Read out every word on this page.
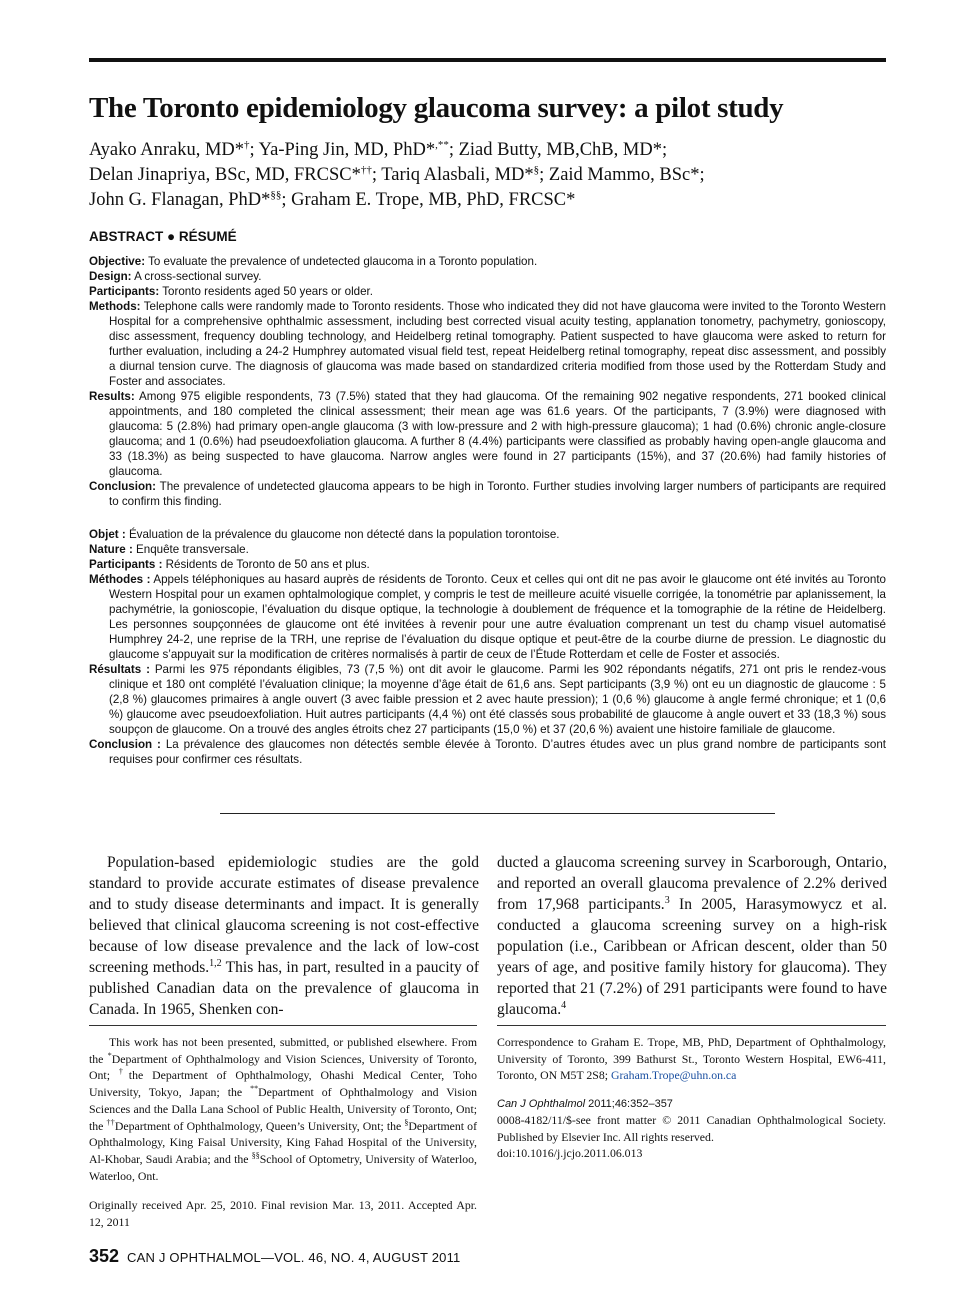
The Toronto epidemiology glaucoma survey: a pilot study
Ayako Anraku, MD*†; Ya-Ping Jin, MD, PhD*,**; Ziad Butty, MB,ChB, MD*;
Delan Jinapriya, BSc, MD, FRCSC*††; Tariq Alasbali, MD*§; Zaid Mammo, BSc*;
John G. Flanagan, PhD*§§; Graham E. Trope, MB, PhD, FRCSC*
ABSTRACT ● RÉSUMÉ

Objective: To evaluate the prevalence of undetected glaucoma in a Toronto population.

Design: A cross-sectional survey.

Participants: Toronto residents aged 50 years or older.

Methods: Telephone calls were randomly made to Toronto residents. Those who indicated they did not have glaucoma were invited to the Toronto Western Hospital for a comprehensive ophthalmic assessment, including best corrected visual acuity testing, applanation tonometry, pachymetry, gonioscopy, disc assessment, frequency doubling technology, and Heidelberg retinal tomography. Patient suspected to have glaucoma were asked to return for further evaluation, including a 24-2 Humphrey automated visual field test, repeat Heidelberg retinal tomography, repeat disc assessment, and possibly a diurnal tension curve. The diagnosis of glaucoma was made based on standardized criteria modified from those used by the Rotterdam Study and Foster and associates.

Results: Among 975 eligible respondents, 73 (7.5%) stated that they had glaucoma. Of the remaining 902 negative respondents, 271 booked clinical appointments, and 180 completed the clinical assessment; their mean age was 61.6 years. Of the participants, 7 (3.9%) were diagnosed with glaucoma: 5 (2.8%) had primary open-angle glaucoma (3 with low-pressure and 2 with high-pressure glaucoma); 1 had (0.6%) chronic angle-closure glaucoma; and 1 (0.6%) had pseudoexfoliation glaucoma. A further 8 (4.4%) participants were classified as probably having open-angle glaucoma and 33 (18.3%) as being suspected to have glaucoma. Narrow angles were found in 27 participants (15%), and 37 (20.6%) had family histories of glaucoma.

Conclusion: The prevalence of undetected glaucoma appears to be high in Toronto. Further studies involving larger numbers of participants are required to confirm this finding.

Objet : Évaluation de la prévalence du glaucome non détecté dans la population torontoise.

Nature : Enquête transversale.

Participants : Résidents de Toronto de 50 ans et plus.

Méthodes : Appels téléphoniques au hasard auprès de résidents de Toronto. Ceux et celles qui ont dit ne pas avoir le glaucome ont été invités au Toronto Western Hospital pour un examen ophtalmologique complet, y compris le test de meilleure acuité visuelle corrigée, la tonométrie par aplanissement, la pachymétrie, la gonioscopie, l’évaluation du disque optique, la technologie à doublement de fréquence et la tomographie de la rétine de Heidelberg. Les personnes soupçonnées de glaucome ont été invitées à revenir pour une autre évaluation comprenant un test du champ visuel automatisé Humphrey 24-2, une reprise de la TRH, une reprise de l’évaluation du disque optique et peut-être de la courbe diurne de pression. Le diagnostic du glaucome s’appuyait sur la modification de critères normalisés à partir de ceux de l’Étude Rotterdam et celle de Foster et associés.

Résultats : Parmi les 975 répondants éligibles, 73 (7,5 %) ont dit avoir le glaucome. Parmi les 902 répondants négatifs, 271 ont pris le rendez-vous clinique et 180 ont complété l’évaluation clinique; la moyenne d’âge était de 61,6 ans. Sept participants (3,9 %) ont eu un diagnostic de glaucome : 5 (2,8 %) glaucomes primaires à angle ouvert (3 avec faible pression et 2 avec haute pression); 1 (0,6 %) glaucome à angle fermé chronique; et 1 (0,6 %) glaucome avec pseudoexfoliation. Huit autres participants (4,4 %) ont été classés sous probabilité de glaucome à angle ouvert et 33 (18,3 %) sous soupçon de glaucome. On a trouvé des angles étroits chez 27 participants (15,0 %) et 37 (20,6 %) avaient une histoire familiale de glaucome.

Conclusion : La prévalence des glaucomes non détectés semble élevée à Toronto. D’autres études avec un plus grand nombre de participants sont requises pour confirmer ces résultats.

Population-based epidemiologic studies are the gold standard to provide accurate estimates of disease prevalence and to study disease determinants and impact. It is generally believed that clinical glaucoma screening is not cost-effective because of low disease prevalence and the lack of low-cost screening methods.$^{1,2}$ This has, in part, resulted in a paucity of published Canadian data on the prevalence of glaucoma in Canada. In 1965, Shenken con-

ducted a glaucoma screening survey in Scarborough, Ontario, and reported an overall glaucoma prevalence of 2.2% derived from 17,968 participants.$^3$ In 2005, Harasymowycz et al. conducted a glaucoma screening survey on a high-risk population (i.e., Caribbean or African descent, older than 50 years of age, and positive family history for glaucoma). They reported that 21 (7.2%) of 291 participants were found to have glaucoma.$^4$

This work has not been presented, submitted, or published elsewhere. From the *Department of Ophthalmology and Vision Sciences, University of Toronto, Ont; †the Department of Ophthalmology, Ohashi Medical Center, Toho University, Tokyo, Japan; the **Department of Ophthalmology and Vision Sciences and the Dalla Lana School of Public Health, University of Toronto, Ont; the ††Department of Ophthalmology, Queen’s University, Ont; the §Department of Ophthalmology, King Faisal University, King Fahad Hospital of the University, Al-Khobar, Saudi Arabia; and the §§School of Optometry, University of Waterloo, Waterloo, Ont.

Originally received Apr. 25, 2010. Final revision Mar. 13, 2011. Accepted Apr. 12, 2011

Correspondence to Graham E. Trope, MB, PhD, Department of Ophthalmology, University of Toronto, 399 Bathurst St., Toronto Western Hospital, EW6-411, Toronto, ON M5T 2S8; Graham.Trope@uhn.on.ca

Can J Ophthalmol 2011;46:352–357

0008-4182/11/$-see front matter © 2011 Canadian Ophthalmological Society. Published by Elsevier Inc. All rights reserved.

doi:10.1016/j.jcjo.2011.06.013

352 CAN J OPHTHALMOL—VOL. 46, NO. 4, AUGUST 2011
